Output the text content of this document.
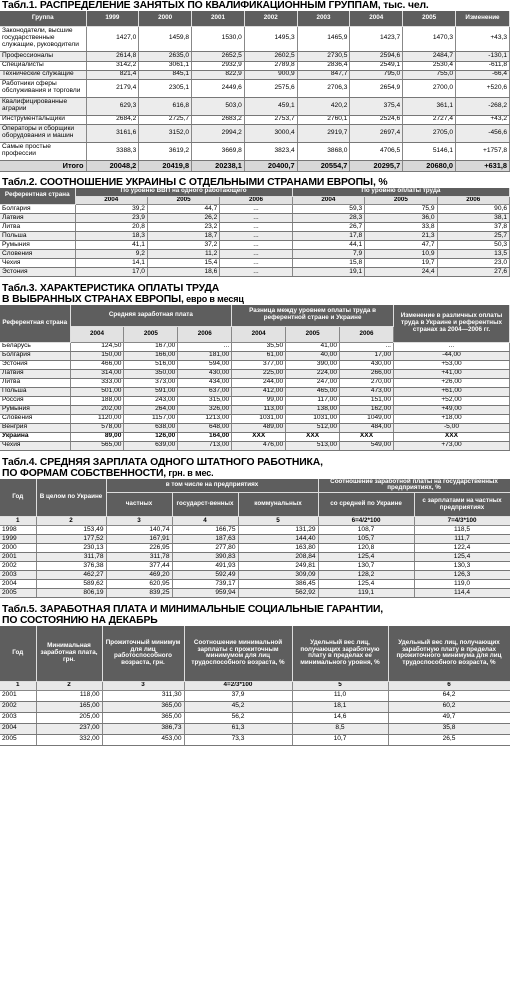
Табл.1. РАСПРЕДЕЛЕНИЕ ЗАНЯТЫХ ПО КВАЛИФИКАЦИОННЫМ ГРУППАМ, тыс. чел.
Группа	1999	2000	2001	2002	2003	2004	2005	Изменение
Законодатели, высшие государственные служащие, руководители	1427,0	1459,8	1530,0	1495,3	1465,9	1423,7	1470,3	+43,3
Профессионалы	2614,8	2635,0	2652,5	2602,5	2730,5	2594,6	2484,7	-130,1
Специалисты	3142,2	3061,1	2932,9	2789,8	2836,4	2549,1	2530,4	-611,8
Технические служащие	821,4	845,1	822,9	900,9	847,7	795,0	755,0	-66,4
Работники сферы обслуживания и торговли	2179,4	2305,1	2449,6	2575,6	2706,3	2654,9	2700,0	+520,6
Квалифицированные аграрии	629,3	616,8	503,0	459,1	420,2	375,4	361,1	-268,2
Инструментальщики	2684,2	2725,7	2683,2	2753,7	2760,1	2524,6	2727,4	+43,2
Операторы и сборщики оборудования и машин	3161,6	3152,0	2994,2	3000,4	2919,7	2697,4	2705,0	-456,6
Самые простые профессии	3388,3	3619,2	3669,8	3823,4	3868,0	4706,5	5146,1	+1757,8
Итого	20048,2	20419,8	20238,1	20400,7	20554,7	20295,7	20680,0	+631,8
Табл.2. СООТНОШЕНИЕ УКРАИНЫ С ОТДЕЛЬНЫМИ СТРАНАМИ ЕВРОПЫ, %
Референтная страна	По уровню ВВП на одного работающего			По уровню оплаты труда		
	2004	2005	2006	2004	2005	2006
Болгария	39,2	44,7	...	59,3	75,9	90,6
Латвия	23,9	26,2	...	28,3	36,0	38,1
Литва	20,8	23,2	...	26,7	33,8	37,8
Польша	18,3	18,7	...	17,8	21,3	25,7
Румыния	41,1	37,2	...	44,1	47,7	50,3
Словения	9,2	11,2	...	7,9	10,9	13,5
Чехия	14,1	15,4	...	15,8	19,7	23,0
Эстония	17,0	18,6	...	19,1	24,4	27,6
Табл.3. ХАРАКТЕРИСТИКА ОПЛАТЫ ТРУДА
В ВЫБРАННЫХ СТРАНАХ ЕВРОПЫ, евро в месяц
Референтная страна	Средняя заработная плата			Разница между уровнем оплаты труда в референтной стране и Украине			Изменение в различных оплаты труда в Украине и референтных странах за 2004—2006 гг.
	2004	2005	2006	2004	2005	2006	
Беларусь	124,50	167,00	...	35,50	41,00	...	...
Болгария	150,00	166,00	181,00	61,00	40,00	17,00	-44,00
Эстония	466,00	516,00	594,00	377,00	390,00	430,00	+53,00
Латвия	314,00	350,00	430,00	225,00	224,00	266,00	+41,00
Литва	333,00	373,00	434,00	244,00	247,00	270,00	+26,00
Польша	501,00	591,00	637,00	412,00	465,00	473,00	+61,00
Россия	188,00	243,00	315,00	99,00	117,00	151,00	+52,00
Румыния	202,00	264,00	326,00	113,00	138,00	162,00	+49,00
Словения	1120,00	1157,00	1213,00	1031,00	1031,00	1049,00	+18,00
Венгрия	578,00	638,00	648,00	489,00	512,00	484,00	-5,00
Украина	89,00	126,00	164,00	XXX	XXX	XXX	XXX
Чехия	565,00	639,00	713,00	476,00	513,00	549,00	+73,00
Табл.4. СРЕДНЯЯ ЗАРПЛАТА ОДНОГО ШТАТНОГО РАБОТНИКА,
ПО ФОРМАМ СОБСТВЕННОСТИ, грн. в мес.
Год	В целом по Украине	в том числе на предприятиях			Соотношение заработной платы на государственных предприятиях, %	
		частных	государст-венных	коммунальных	со средней по Украине	с зарплатами на частных предприятиях
1	2	3	4	5	6=4/2*100	7=4/3*100
1998	153,49	140,74	166,75	131,29	108,7	118,5
1999	177,52	167,91	187,63	144,40	105,7	111,7
2000	230,13	226,95	277,80	163,80	120,8	122,4
2001	311,78	311,78	390,83	208,84	125,4	125,4
2002	376,38	377,44	491,93	249,81	130,7	130,3
2003	462,27	469,20	592,49	309,09	128,2	126,3
2004	589,62	620,95	739,17	386,45	125,4	119,0
2005	806,19	839,25	959,94	562,92	119,1	114,4
Табл.5. ЗАРАБОТНАЯ ПЛАТА И МИНИМАЛЬНЫЕ СОЦИАЛЬНЫЕ ГАРАНТИИ,
ПО СОСТОЯНИЮ НА ДЕКАБРЬ
Год	Минимальная заработная плата, грн.	Прожиточный минимум для лиц работоспособного возраста, грн.	Соотношение минимальной зарплаты с прожиточным минимумом для лиц трудоспособного возраста, %	Удельный вес лиц, получающих заработную плату в пределах ее минимального уровня, %	Удельный вес лиц, получающих заработную плату в пределах прожиточного минимума для лиц трудоспособного возраста, %
1	2	3	4=2/3*100	5	6
2001	118,00	311,30	37,9	11,0	64,2
2002	165,00	365,00	45,2	18,1	60,2
2003	205,00	365,00	56,2	14,6	49,7
2004	237,00	386,73	61,3	8,5	35,8
2005	332,00	453,00	73,3	10,7	26,5
